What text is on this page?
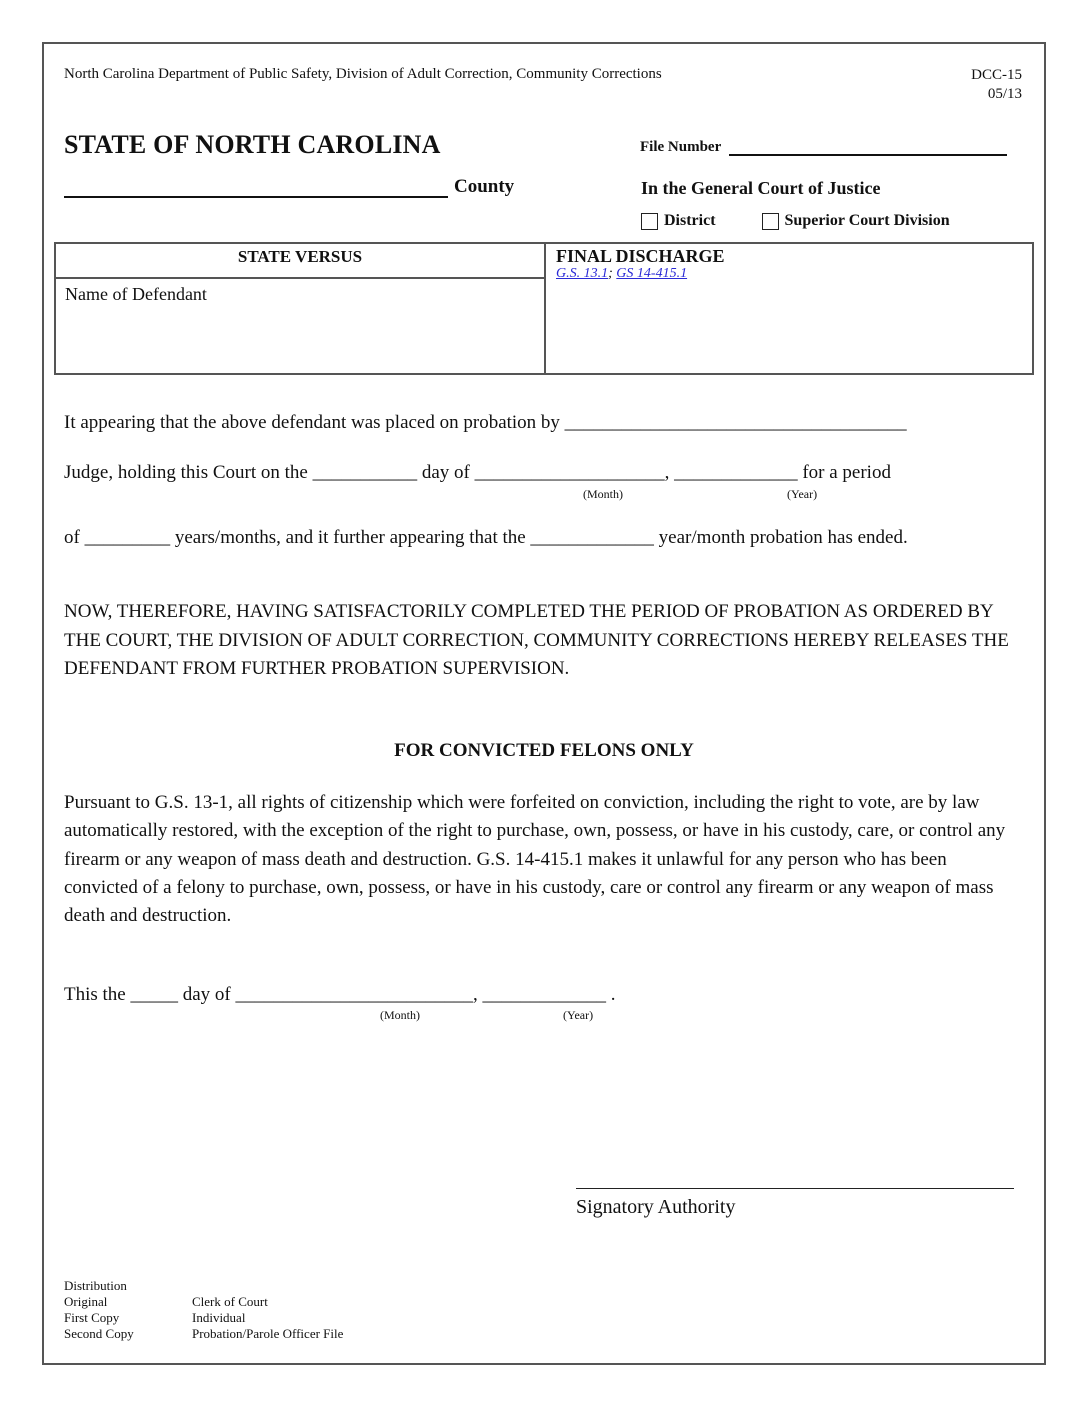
North Carolina Department of Public Safety, Division of Adult Correction, Community Corrections	DCC-15
05/13
STATE OF NORTH CAROLINA
County
File Number
In the General Court of Justice
District	Superior Court Division
STATE VERSUS
Name of Defendant
FINAL DISCHARGE
G.S. 13.1; GS 14-415.1
It appearing that the above defendant was placed on probation by ____________________________________
Judge, holding this Court on the ___________ day of ____________________, _____________ for a period
(Month)	(Year)
of _________ years/months, and it further appearing that the _____________ year/month probation has ended.
NOW, THEREFORE, HAVING SATISFACTORILY COMPLETED THE PERIOD OF PROBATION AS ORDERED BY THE COURT, THE DIVISION OF ADULT CORRECTION, COMMUNITY CORRECTIONS HEREBY RELEASES THE DEFENDANT FROM FURTHER PROBATION SUPERVISION.
FOR CONVICTED FELONS ONLY
Pursuant to G.S. 13-1, all rights of citizenship which were forfeited on conviction, including the right to vote, are by law automatically restored, with the exception of the right to purchase, own, possess, or have in his custody, care, or control any firearm or any weapon of mass death and destruction. G.S. 14-415.1 makes it unlawful for any person who has been convicted of a felony to purchase, own, possess, or have in his custody, care or control any firearm or any weapon of mass death and destruction.
This the _____ day of _________________________, _____________ .
(Month)	(Year)
Signatory Authority
Distribution
Original	Clerk of Court
First Copy	Individual
Second Copy	Probation/Parole Officer File
